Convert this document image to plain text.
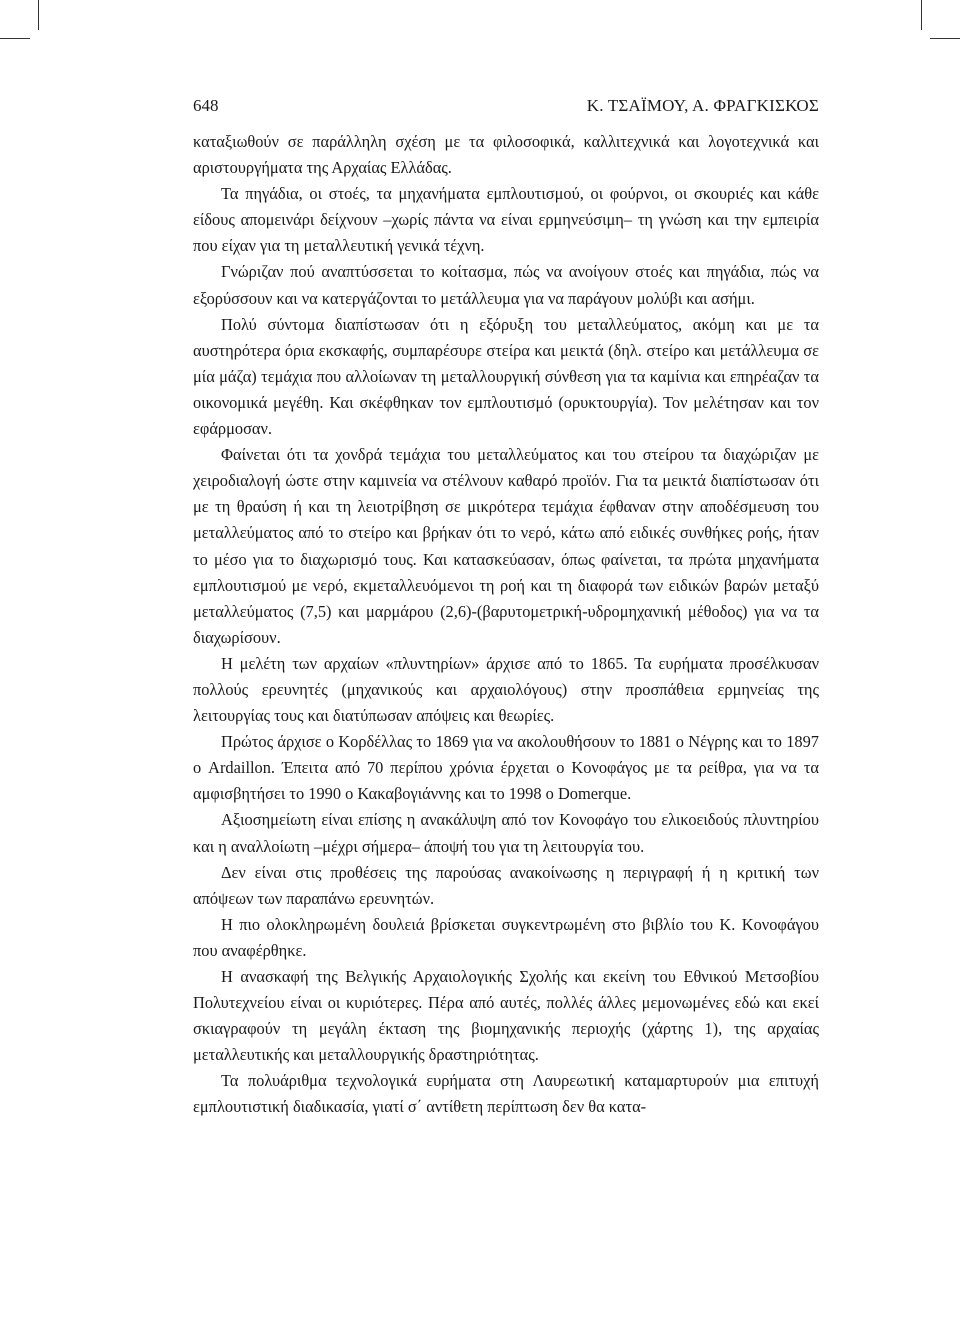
648	Κ. ΤΣΑΪΜΟΥ, Α. ΦΡΑΓΚΙΣΚΟΣ

καταξιωθούν σε παράλληλη σχέση με τα φιλοσοφικά, καλλιτεχνικά και λογοτεχνικά και αριστουργήματα της Αρχαίας Ελλάδας.

Τα πηγάδια, οι στοές, τα μηχανήματα εμπλουτισμού, οι φούρνοι, οι σκουριές και κάθε είδους απομεινάρι δείχνουν –χωρίς πάντα να είναι ερμηνεύσιμη– τη γνώση και την εμπειρία που είχαν για τη μεταλλευτική γενικά τέχνη.

Γνώριζαν πού αναπτύσσεται το κοίτασμα, πώς να ανοίγουν στοές και πηγάδια, πώς να εξορύσσουν και να κατεργάζονται το μετάλλευμα για να παράγουν μολύβι και ασήμι.

Πολύ σύντομα διαπίστωσαν ότι η εξόρυξη του μεταλλεύματος, ακόμη και με τα αυστηρότερα όρια εκσκαφής, συμπαρέσυρε στείρα και μεικτά (δηλ. στείρο και μετάλλευμα σε μία μάζα) τεμάχια που αλλοίωναν τη μεταλλουργική σύνθεση για τα καμίνια και επηρέαζαν τα οικονομικά μεγέθη. Και σκέφθηκαν τον εμπλουτισμό (ορυκτουργία). Τον μελέτησαν και τον εφάρμοσαν.

Φαίνεται ότι τα χονδρά τεμάχια του μεταλλεύματος και του στείρου τα διαχώριζαν με χειροδιαλογή ώστε στην καμινεία να στέλνουν καθαρό προϊόν. Για τα μεικτά διαπίστωσαν ότι με τη θραύση ή και τη λειοτρίβηση σε μικρότερα τεμάχια έφθαναν στην αποδέσμευση του μεταλλεύματος από το στείρο και βρήκαν ότι το νερό, κάτω από ειδικές συνθήκες ροής, ήταν το μέσο για το διαχωρισμό τους. Και κατασκεύασαν, όπως φαίνεται, τα πρώτα μηχανήματα εμπλουτισμού με νερό, εκμεταλλευόμενοι τη ροή και τη διαφορά των ειδικών βαρών μεταξύ μεταλλεύματος (7,5) και μαρμάρου (2,6)-(βαρυτομετρική-υδρομηχανική μέθοδος) για να τα διαχωρίσουν.

Η μελέτη των αρχαίων «πλυντηρίων» άρχισε από το 1865. Τα ευρήματα προσέλκυσαν πολλούς ερευνητές (μηχανικούς και αρχαιολόγους) στην προσπάθεια ερμηνείας της λειτουργίας τους και διατύπωσαν απόψεις και θεωρίες.

Πρώτος άρχισε ο Κορδέλλας το 1869 για να ακολουθήσουν το 1881 ο Νέγρης και το 1897 ο Ardaillon. Έπειτα από 70 περίπου χρόνια έρχεται ο Κονοφάγος με τα ρείθρα, για να τα αμφισβητήσει το 1990 ο Κακαβογιάννης και το 1998 ο Domerque.

Αξιοσημείωτη είναι επίσης η ανακάλυψη από τον Κονοφάγο του ελικοειδούς πλυντηρίου και η αναλλοίωτη –μέχρι σήμερα– άποψή του για τη λειτουργία του.

Δεν είναι στις προθέσεις της παρούσας ανακοίνωσης η περιγραφή ή η κριτική των απόψεων των παραπάνω ερευνητών.

Η πιο ολοκληρωμένη δουλειά βρίσκεται συγκεντρωμένη στο βιβλίο του Κ. Κονοφάγου που αναφέρθηκε.

Η ανασκαφή της Βελγικής Αρχαιολογικής Σχολής και εκείνη του Εθνικού Μετσοβίου Πολυτεχνείου είναι οι κυριότερες. Πέρα από αυτές, πολλές άλλες μεμονωμένες εδώ και εκεί σκιαγραφούν τη μεγάλη έκταση της βιομηχανικής περιοχής (χάρτης 1), της αρχαίας μεταλλευτικής και μεταλλουργικής δραστηριότητας.

Τα πολυάριθμα τεχνολογικά ευρήματα στη Λαυρεωτική καταμαρτυρούν μια επιτυχή εμπλουτιστική διαδικασία, γιατί σ΄ αντίθετη περίπτωση δεν θα κατα-
